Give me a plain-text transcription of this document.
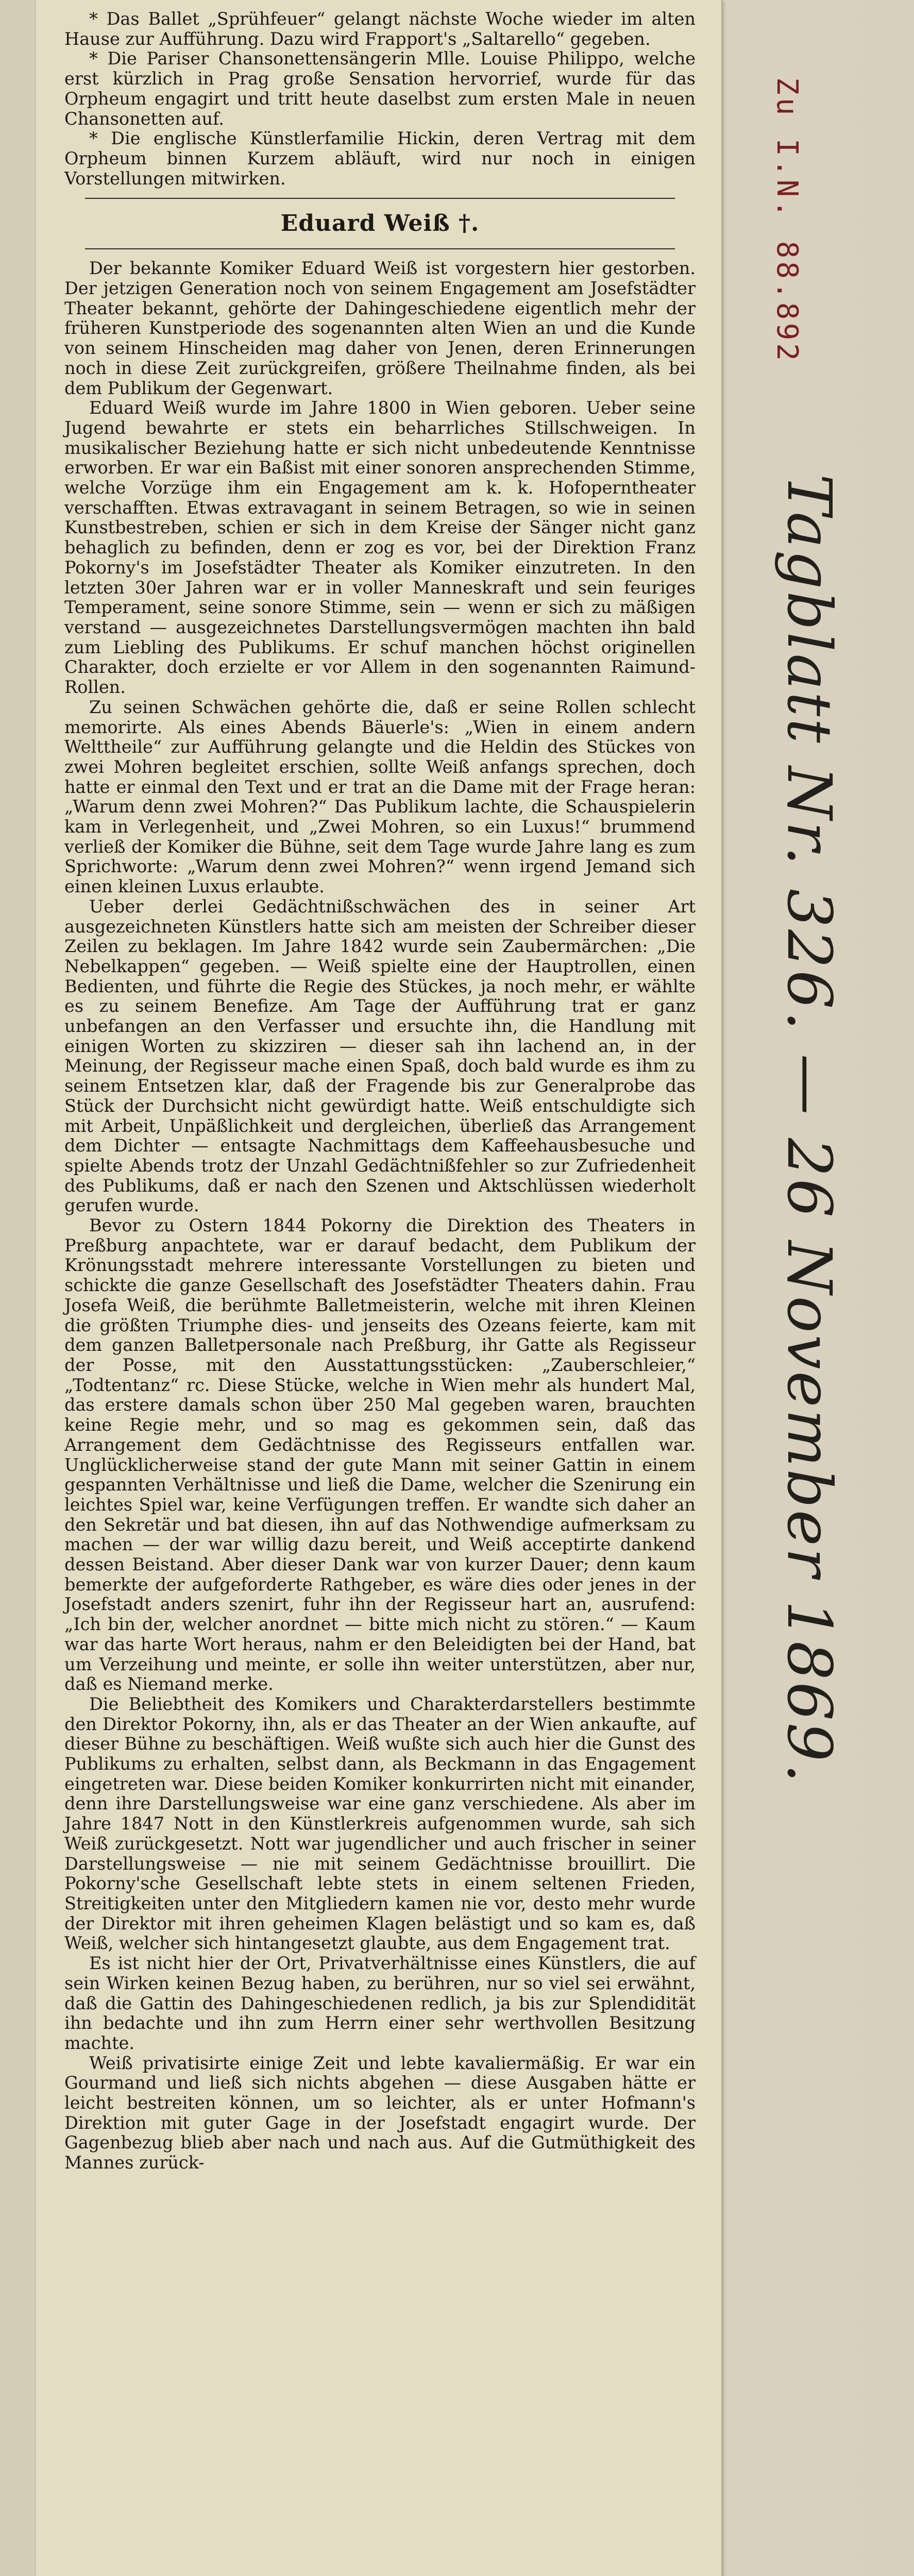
* Das Ballet „Sprühfeuer“ gelangt nächste Woche wieder im alten Hause zur Aufführung. Dazu wird Frapport's „Saltarello“ gegeben.

* Die Pariser Chansonettensängerin Mlle. Louise Philippo, welche erst kürzlich in Prag große Sensation hervorrief, wurde für das Orpheum engagirt und tritt heute daselbst zum ersten Male in neuen Chansonetten auf.

* Die englische Künstlerfamilie Hickin, deren Vertrag mit dem Orpheum binnen Kurzem abläuft, wird nur noch in einigen Vorstellungen mitwirken.

Eduard Weiß †.

Der bekannte Komiker Eduard Weiß ist vorgestern hier gestorben. Der jetzigen Generation noch von seinem Engagement am Josefstädter Theater bekannt, gehörte der Dahingeschiedene eigentlich mehr der früheren Kunstperiode des sogenannten alten Wien an und die Kunde von seinem Hinscheiden mag daher von Jenen, deren Erinnerungen noch in diese Zeit zurückgreifen, größere Theilnahme finden, als bei dem Publikum der Gegenwart.

Eduard Weiß wurde im Jahre 1800 in Wien geboren. Ueber seine Jugend bewahrte er stets ein beharrliches Stillschweigen. In musikalischer Beziehung hatte er sich nicht unbedeutende Kenntnisse erworben. Er war ein Baßist mit einer sonoren ansprechenden Stimme, welche Vorzüge ihm ein Engagement am k. k. Hofoperntheater verschafften. Etwas extravagant in seinem Betragen, so wie in seinen Kunstbestreben, schien er sich in dem Kreise der Sänger nicht ganz behaglich zu befinden, denn er zog es vor, bei der Direktion Franz Pokorny's im Josefstädter Theater als Komiker einzutreten. In den letzten 30er Jahren war er in voller Manneskraft und sein feuriges Temperament, seine sonore Stimme, sein — wenn er sich zu mäßigen verstand — ausgezeichnetes Darstellungsvermögen machten ihn bald zum Liebling des Publikums. Er schuf manchen höchst originellen Charakter, doch erzielte er vor Allem in den sogenannten Raimund-Rollen.

Zu seinen Schwächen gehörte die, daß er seine Rollen schlecht memorirte. Als eines Abends Bäuerle's: „Wien in einem andern Welttheile“ zur Aufführung gelangte und die Heldin des Stückes von zwei Mohren begleitet erschien, sollte Weiß anfangs sprechen, doch hatte er einmal den Text und er trat an die Dame mit der Frage heran: „Warum denn zwei Mohren?“ Das Publikum lachte, die Schauspielerin kam in Verlegenheit, und „Zwei Mohren, so ein Luxus!“ brummend verließ der Komiker die Bühne, seit dem Tage wurde Jahre lang es zum Sprichworte: „Warum denn zwei Mohren?“ wenn irgend Jemand sich einen kleinen Luxus erlaubte.

Ueber derlei Gedächtnißschwächen des in seiner Art ausgezeichneten Künstlers hatte sich am meisten der Schreiber dieser Zeilen zu beklagen. Im Jahre 1842 wurde sein Zaubermärchen: „Die Nebelkappen“ gegeben. — Weiß spielte eine der Hauptrollen, einen Bedienten, und führte die Regie des Stückes, ja noch mehr, er wählte es zu seinem Benefize. Am Tage der Aufführung trat er ganz unbefangen an den Verfasser und ersuchte ihn, die Handlung mit einigen Worten zu skizziren — dieser sah ihn lachend an, in der Meinung, der Regisseur mache einen Spaß, doch bald wurde es ihm zu seinem Entsetzen klar, daß der Fragende bis zur Generalprobe das Stück der Durchsicht nicht gewürdigt hatte. Weiß entschuldigte sich mit Arbeit, Unpäßlichkeit und dergleichen, überließ das Arrangement dem Dichter — entsagte Nachmittags dem Kaffeehausbesuche und spielte Abends trotz der Unzahl Gedächtnißfehler so zur Zufriedenheit des Publikums, daß er nach den Szenen und Aktschlüssen wiederholt gerufen wurde.

Bevor zu Ostern 1844 Pokorny die Direktion des Theaters in Preßburg anpachtete, war er darauf bedacht, dem Publikum der Krönungsstadt mehrere interessante Vorstellungen zu bieten und schickte die ganze Gesellschaft des Josefstädter Theaters dahin. Frau Josefa Weiß, die berühmte Balletmeisterin, welche mit ihren Kleinen die größten Triumphe dies- und jenseits des Ozeans feierte, kam mit dem ganzen Balletpersonale nach Preßburg, ihr Gatte als Regisseur der Posse, mit den Ausstattungsstücken: „Zauberschleier,“ „Todtentanz“ rc. Diese Stücke, welche in Wien mehr als hundert Mal, das erstere damals schon über 250 Mal gegeben waren, brauchten keine Regie mehr, und so mag es gekommen sein, daß das Arrangement dem Gedächtnisse des Regisseurs entfallen war. Unglücklicherweise stand der gute Mann mit seiner Gattin in einem gespannten Verhältnisse und ließ die Dame, welcher die Szenirung ein leichtes Spiel war, keine Verfügungen treffen. Er wandte sich daher an den Sekretär und bat diesen, ihn auf das Nothwendige aufmerksam zu machen — der war willig dazu bereit, und Weiß acceptirte dankend dessen Beistand. Aber dieser Dank war von kurzer Dauer; denn kaum bemerkte der aufgeforderte Rathgeber, es wäre dies oder jenes in der Josefstadt anders szenirt, fuhr ihn der Regisseur hart an, ausrufend: „Ich bin der, welcher anordnet — bitte mich nicht zu stören.“ — Kaum war das harte Wort heraus, nahm er den Beleidigten bei der Hand, bat um Verzeihung und meinte, er solle ihn weiter unterstützen, aber nur, daß es Niemand merke.

Die Beliebtheit des Komikers und Charakterdarstellers bestimmte den Direktor Pokorny, ihn, als er das Theater an der Wien ankaufte, auf dieser Bühne zu beschäftigen. Weiß wußte sich auch hier die Gunst des Publikums zu erhalten, selbst dann, als Beckmann in das Engagement eingetreten war. Diese beiden Komiker konkurrirten nicht mit einander, denn ihre Darstellungsweise war eine ganz verschiedene. Als aber im Jahre 1847 Nott in den Künstlerkreis aufgenommen wurde, sah sich Weiß zurückgesetzt. Nott war jugendlicher und auch frischer in seiner Darstellungsweise — nie mit seinem Gedächtnisse brouillirt. Die Pokorny'sche Gesellschaft lebte stets in einem seltenen Frieden, Streitigkeiten unter den Mitgliedern kamen nie vor, desto mehr wurde der Direktor mit ihren geheimen Klagen belästigt und so kam es, daß Weiß, welcher sich hintangesetzt glaubte, aus dem Engagement trat.

Es ist nicht hier der Ort, Privatverhältnisse eines Künstlers, die auf sein Wirken keinen Bezug haben, zu berühren, nur so viel sei erwähnt, daß die Gattin des Dahingeschiedenen redlich, ja bis zur Splendidität ihn bedachte und ihn zum Herrn einer sehr werthvollen Besitzung machte.

Weiß privatisirte einige Zeit und lebte kavaliermäßig. Er war ein Gourmand und ließ sich nichts abgehen — diese Ausgaben hätte er leicht bestreiten können, um so leichter, als er unter Hofmann's Direktion mit guter Gage in der Josefstadt engagirt wurde. Der Gagenbezug blieb aber nach und nach aus. Auf die Gutmüthigkeit des Mannes zurück-

Zu I.N. 88.892
Tagblatt Nr. 326. — 26 November 1869.
